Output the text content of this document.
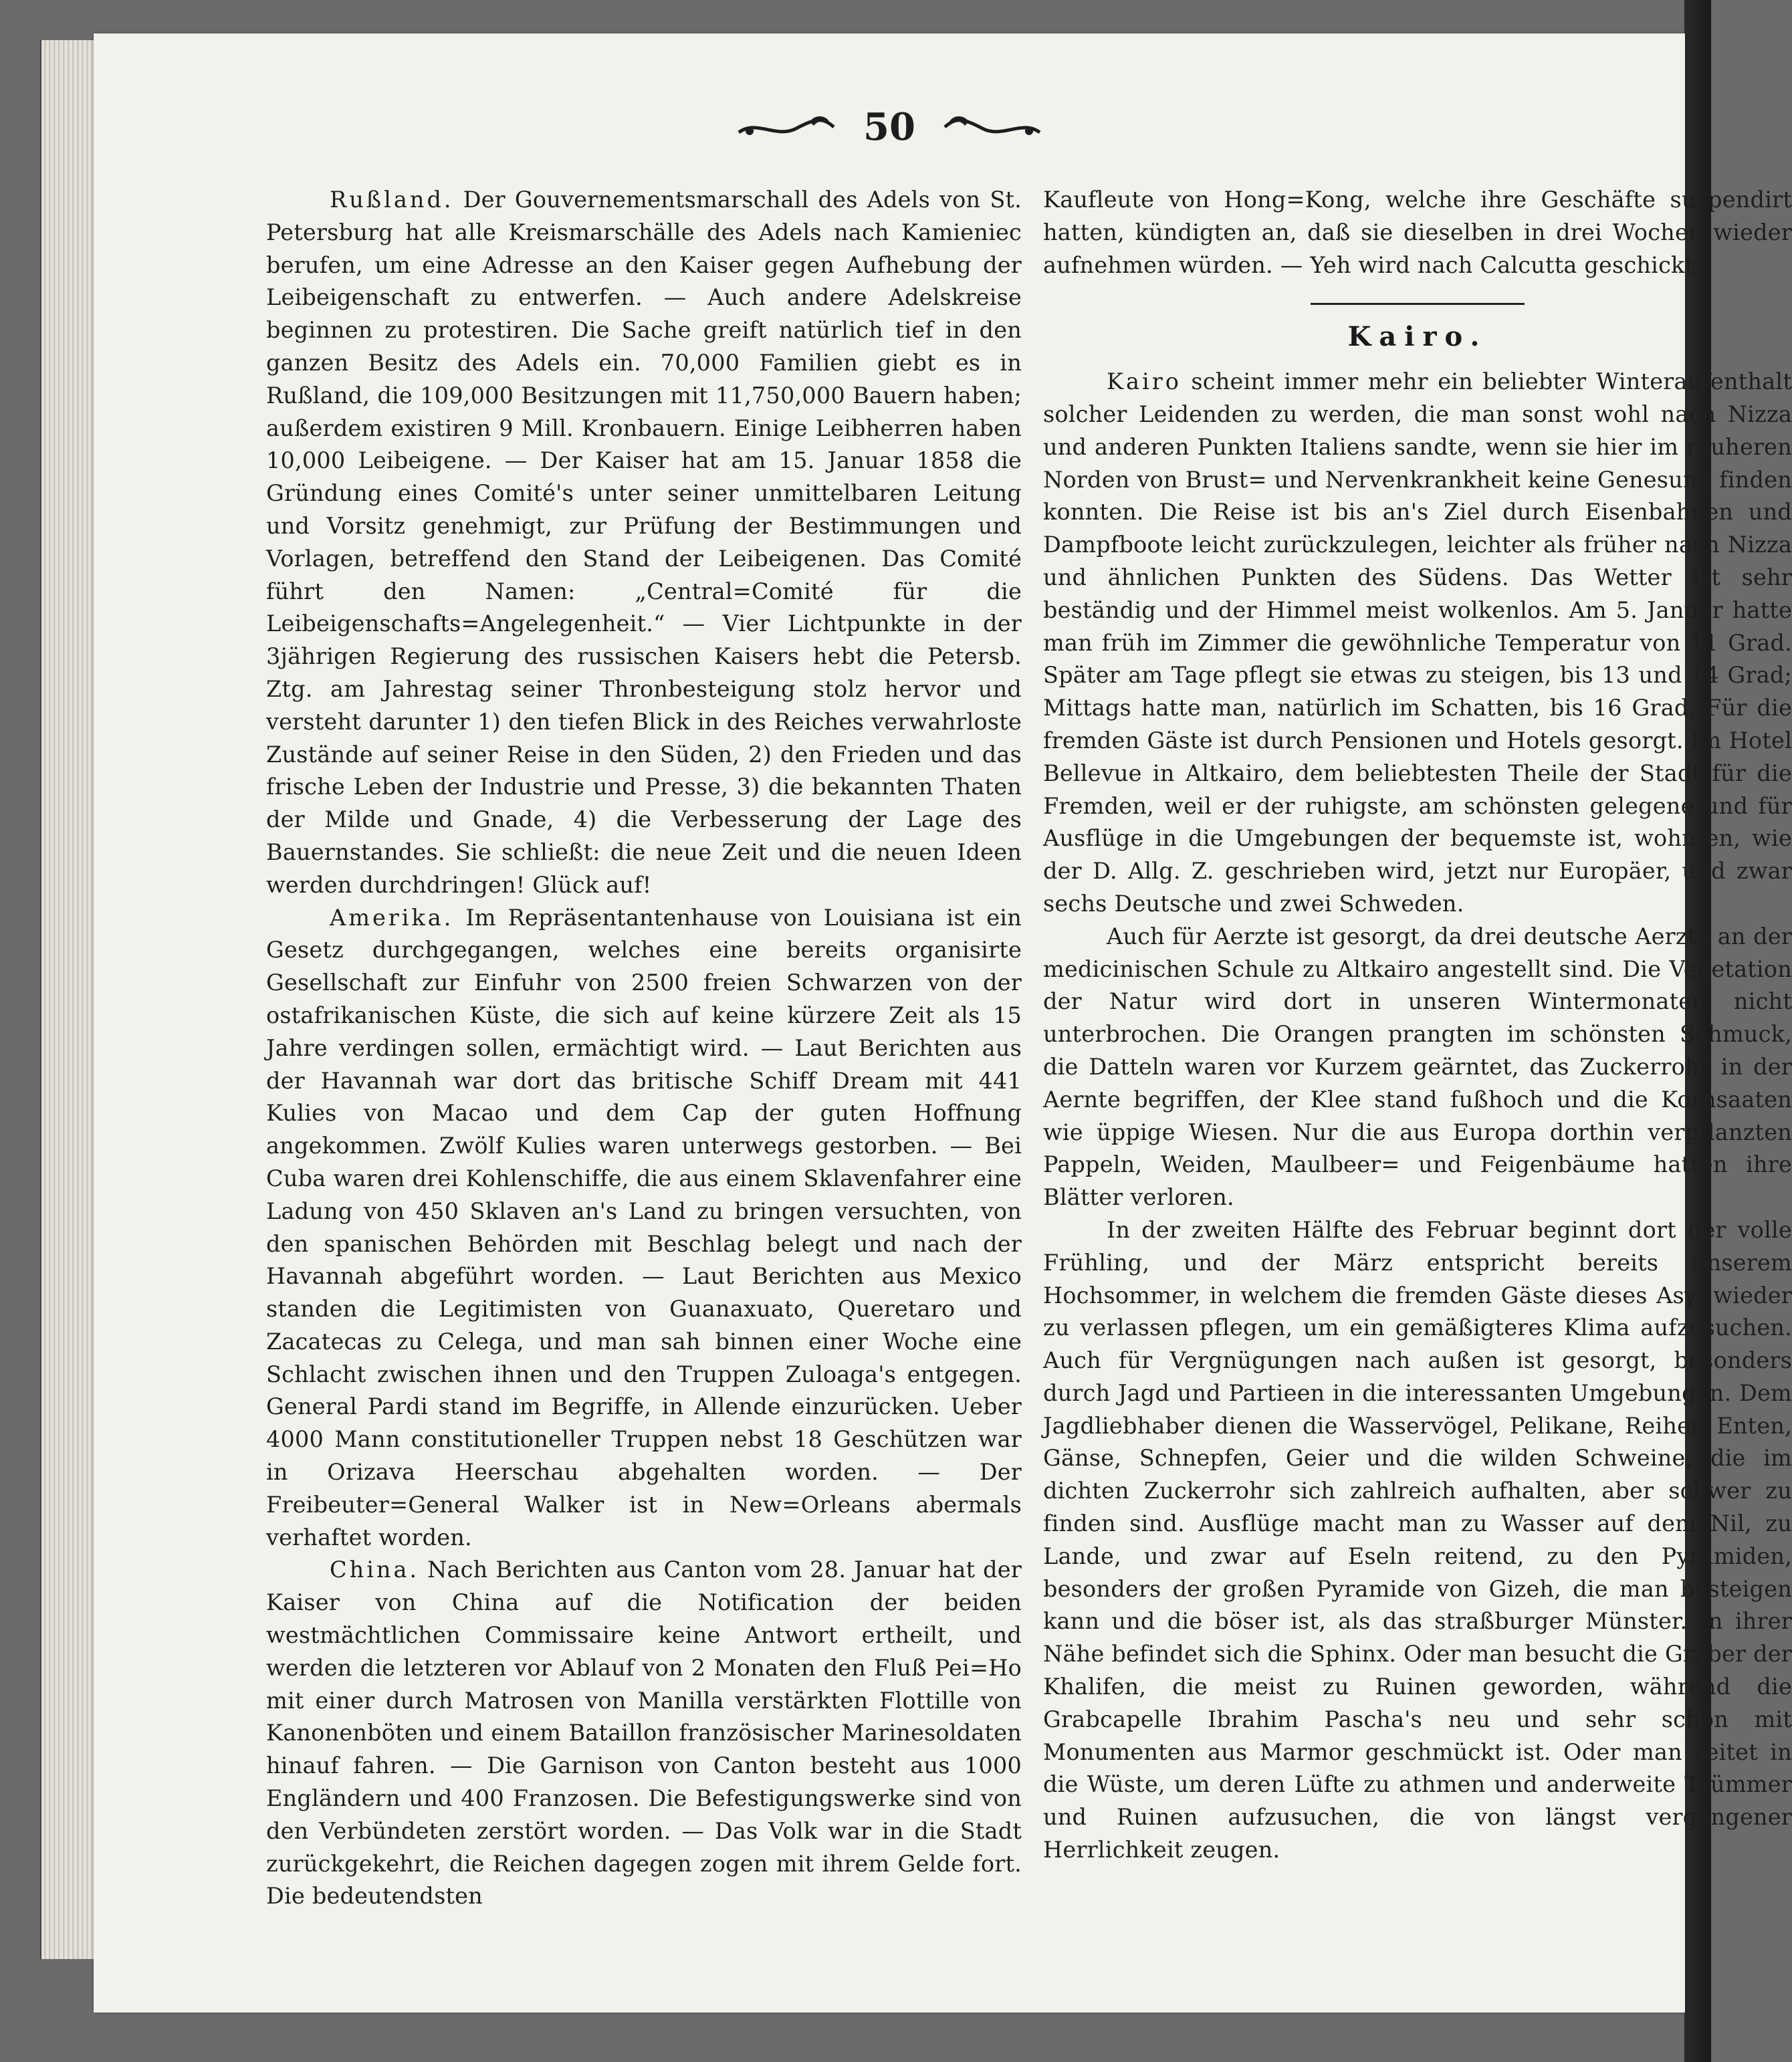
50

Rußland. Der Gouvernementsmarschall des Adels von St. Petersburg hat alle Kreismarschälle des Adels nach Kamieniec berufen, um eine Adresse an den Kaiser gegen Aufhebung der Leibeigenschaft zu entwerfen. — Auch andere Adelskreise beginnen zu protestiren. Die Sache greift natürlich tief in den ganzen Besitz des Adels ein. 70,000 Familien giebt es in Rußland, die 109,000 Besitzungen mit 11,750,000 Bauern haben; außerdem existiren 9 Mill. Kronbauern. Einige Leibherren haben 10,000 Leibeigene. — Der Kaiser hat am 15. Januar 1858 die Gründung eines Comité's unter seiner unmittelbaren Leitung und Vorsitz genehmigt, zur Prüfung der Bestimmungen und Vorlagen, betreffend den Stand der Leibeigenen. Das Comité führt den Namen: „Central=Comité für die Leibeigenschafts=Angelegenheit.“ — Vier Lichtpunkte in der 3jährigen Regierung des russischen Kaisers hebt die Petersb. Ztg. am Jahrestag seiner Thronbesteigung stolz hervor und versteht darunter 1) den tiefen Blick in des Reiches verwahrloste Zustände auf seiner Reise in den Süden, 2) den Frieden und das frische Leben der Industrie und Presse, 3) die bekannten Thaten der Milde und Gnade, 4) die Verbesserung der Lage des Bauernstandes. Sie schließt: die neue Zeit und die neuen Ideen werden durchdringen! Glück auf!

Amerika. Im Repräsentantenhause von Louisiana ist ein Gesetz durchgegangen, welches eine bereits organisirte Gesellschaft zur Einfuhr von 2500 freien Schwarzen von der ostafrikanischen Küste, die sich auf keine kürzere Zeit als 15 Jahre verdingen sollen, ermächtigt wird. — Laut Berichten aus der Havannah war dort das britische Schiff Dream mit 441 Kulies von Macao und dem Cap der guten Hoffnung angekommen. Zwölf Kulies waren unterwegs gestorben. — Bei Cuba waren drei Kohlenschiffe, die aus einem Sklavenfahrer eine Ladung von 450 Sklaven an's Land zu bringen versuchten, von den spanischen Behörden mit Beschlag belegt und nach der Havannah abgeführt worden. — Laut Berichten aus Mexico standen die Legitimisten von Guanaxuato, Queretaro und Zacatecas zu Celega, und man sah binnen einer Woche eine Schlacht zwischen ihnen und den Truppen Zuloaga's entgegen. General Pardi stand im Begriffe, in Allende einzurücken. Ueber 4000 Mann constitutioneller Truppen nebst 18 Geschützen war in Orizava Heerschau abgehalten worden. — Der Freibeuter=General Walker ist in New=Orleans abermals verhaftet worden.

China. Nach Berichten aus Canton vom 28. Januar hat der Kaiser von China auf die Notification der beiden westmächtlichen Commissaire keine Antwort ertheilt, und werden die letzteren vor Ablauf von 2 Monaten den Fluß Pei=Ho mit einer durch Matrosen von Manilla verstärkten Flottille von Kanonenböten und einem Bataillon französischer Marinesoldaten hinauf fahren. — Die Garnison von Canton besteht aus 1000 Engländern und 400 Franzosen. Die Befestigungswerke sind von den Verbündeten zerstört worden. — Das Volk war in die Stadt zurückgekehrt, die Reichen dagegen zogen mit ihrem Gelde fort. Die bedeutendsten

Kaufleute von Hong=Kong, welche ihre Geschäfte suspendirt hatten, kündigten an, daß sie dieselben in drei Wochen wieder aufnehmen würden. — Yeh wird nach Calcutta geschickt.

Kairo.

Kairo scheint immer mehr ein beliebter Winteraufenthalt solcher Leidenden zu werden, die man sonst wohl nach Nizza und anderen Punkten Italiens sandte, wenn sie hier im rauheren Norden von Brust= und Nervenkrankheit keine Genesung finden konnten. Die Reise ist bis an's Ziel durch Eisenbahnen und Dampfboote leicht zurückzulegen, leichter als früher nach Nizza und ähnlichen Punkten des Südens. Das Wetter ist sehr beständig und der Himmel meist wolkenlos. Am 5. Januar hatte man früh im Zimmer die gewöhnliche Temperatur von 11 Grad. Später am Tage pflegt sie etwas zu steigen, bis 13 und 14 Grad; Mittags hatte man, natürlich im Schatten, bis 16 Grad. Für die fremden Gäste ist durch Pensionen und Hotels gesorgt. Im Hotel Bellevue in Altkairo, dem beliebtesten Theile der Stadt für die Fremden, weil er der ruhigste, am schönsten gelegene und für Ausflüge in die Umgebungen der bequemste ist, wohnten, wie der D. Allg. Z. geschrieben wird, jetzt nur Europäer, und zwar sechs Deutsche und zwei Schweden.

Auch für Aerzte ist gesorgt, da drei deutsche Aerzte an der medicinischen Schule zu Altkairo angestellt sind. Die Vegetation der Natur wird dort in unseren Wintermonaten nicht unterbrochen. Die Orangen prangten im schönsten Schmuck, die Datteln waren vor Kurzem geärntet, das Zuckerrohr in der Aernte begriffen, der Klee stand fußhoch und die Kornsaaten wie üppige Wiesen. Nur die aus Europa dorthin verpflanzten Pappeln, Weiden, Maulbeer= und Feigenbäume hatten ihre Blätter verloren.

In der zweiten Hälfte des Februar beginnt dort der volle Frühling, und der März entspricht bereits unserem Hochsommer, in welchem die fremden Gäste dieses Asyl wieder zu verlassen pflegen, um ein gemäßigteres Klima aufzusuchen. Auch für Vergnügungen nach außen ist gesorgt, besonders durch Jagd und Partieen in die interessanten Umgebungen. Dem Jagdliebhaber dienen die Wasservögel, Pelikane, Reiher, Enten, Gänse, Schnepfen, Geier und die wilden Schweine, die im dichten Zuckerrohr sich zahlreich aufhalten, aber schwer zu finden sind. Ausflüge macht man zu Wasser auf dem Nil, zu Lande, und zwar auf Eseln reitend, zu den Pyramiden, besonders der großen Pyramide von Gizeh, die man besteigen kann und die böser ist, als das straßburger Münster. In ihrer Nähe befindet sich die Sphinx. Oder man besucht die Gräber der Khalifen, die meist zu Ruinen geworden, während die Grabcapelle Ibrahim Pascha's neu und sehr schön mit Monumenten aus Marmor geschmückt ist. Oder man reitet in die Wüste, um deren Lüfte zu athmen und anderweite Trümmer und Ruinen aufzusuchen, die von längst vergangener Herrlichkeit zeugen.
